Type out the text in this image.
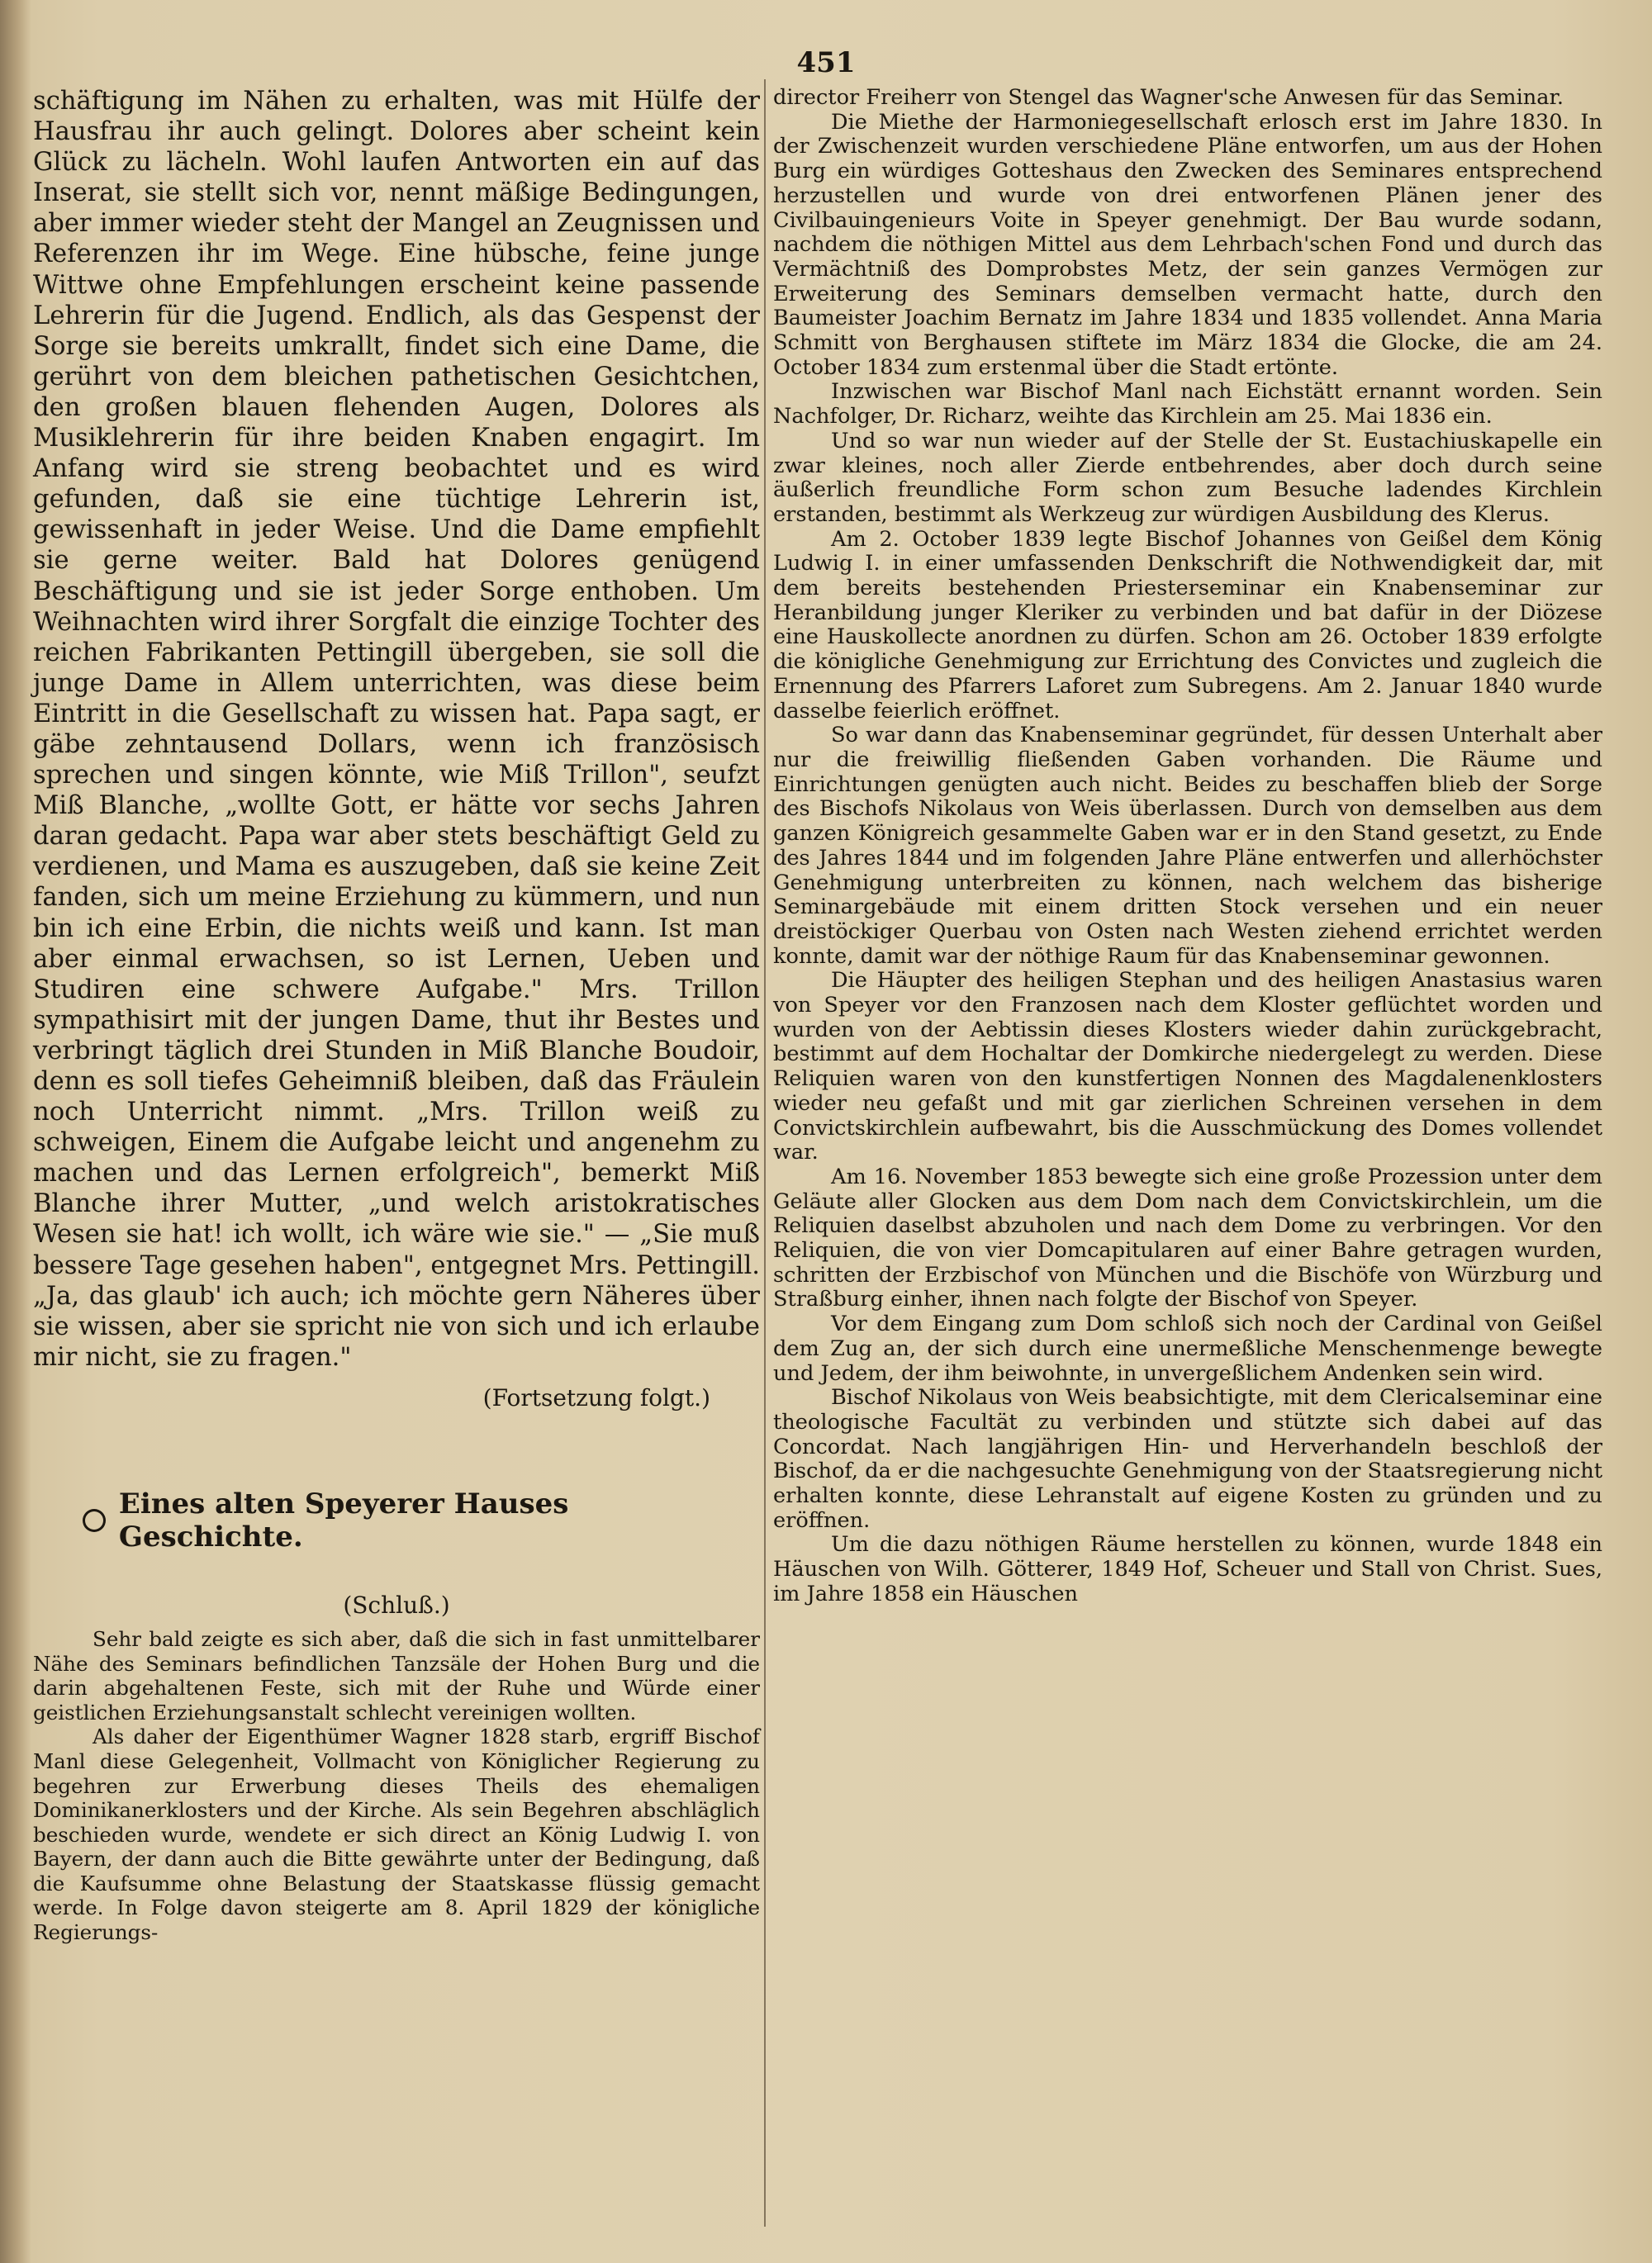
451

schäftigung im Nähen zu erhalten, was mit Hülfe der Hausfrau ihr auch gelingt. Dolores aber scheint kein Glück zu lächeln. Wohl laufen Antworten ein auf das Inserat, sie stellt sich vor, nennt mäßige Bedingungen, aber immer wieder steht der Mangel an Zeugnissen und Referenzen ihr im Wege. Eine hübsche, feine junge Wittwe ohne Empfehlungen erscheint keine passende Lehrerin für die Jugend. Endlich, als das Gespenst der Sorge sie bereits umkrallt, findet sich eine Dame, die gerührt von dem bleichen pathetischen Gesichtchen, den großen blauen flehenden Augen, Dolores als Musiklehrerin für ihre beiden Knaben engagirt. Im Anfang wird sie streng beobachtet und es wird gefunden, daß sie eine tüchtige Lehrerin ist, gewissenhaft in jeder Weise. Und die Dame empfiehlt sie gerne weiter. Bald hat Dolores genügend Beschäftigung und sie ist jeder Sorge enthoben. Um Weihnachten wird ihrer Sorgfalt die einzige Tochter des reichen Fabrikanten Pettingill übergeben, sie soll die junge Dame in Allem unterrichten, was diese beim Eintritt in die Gesellschaft zu wissen hat. Papa sagt, er gäbe zehntausend Dollars, wenn ich französisch sprechen und singen könnte, wie Miß Trillon", seufzt Miß Blanche, „wollte Gott, er hätte vor sechs Jahren daran gedacht. Papa war aber stets beschäftigt Geld zu verdienen, und Mama es auszugeben, daß sie keine Zeit fanden, sich um meine Erziehung zu kümmern, und nun bin ich eine Erbin, die nichts weiß und kann. Ist man aber einmal erwachsen, so ist Lernen, Ueben und Studiren eine schwere Aufgabe." Mrs. Trillon sympathisirt mit der jungen Dame, thut ihr Bestes und verbringt täglich drei Stunden in Miß Blanche Boudoir, denn es soll tiefes Geheimniß bleiben, daß das Fräulein noch Unterricht nimmt. „Mrs. Trillon weiß zu schweigen, Einem die Aufgabe leicht und angenehm zu machen und das Lernen erfolgreich", bemerkt Miß Blanche ihrer Mutter, „und welch aristokratisches Wesen sie hat! ich wollt, ich wäre wie sie." — „Sie muß bessere Tage gesehen haben", entgegnet Mrs. Pettingill. „Ja, das glaub' ich auch; ich möchte gern Näheres über sie wissen, aber sie spricht nie von sich und ich erlaube mir nicht, sie zu fragen."

(Fortsetzung folgt.)
Eines alten Speyerer Hauses Geschichte.
(Schluß.)

Sehr bald zeigte es sich aber, daß die sich in fast unmittelbarer Nähe des Seminars befindlichen Tanzsäle der Hohen Burg und die darin abgehaltenen Feste, sich mit der Ruhe und Würde einer geistlichen Erziehungsanstalt schlecht vereinigen wollten.

Als daher der Eigenthümer Wagner 1828 starb, ergriff Bischof Manl diese Gelegenheit, Vollmacht von Königlicher Regierung zu begehren zur Erwerbung dieses Theils des ehemaligen Dominikanerklosters und der Kirche. Als sein Begehren abschläglich beschieden wurde, wendete er sich direct an König Ludwig I. von Bayern, der dann auch die Bitte gewährte unter der Bedingung, daß die Kaufsumme ohne Belastung der Staatskasse flüssig gemacht werde. In Folge davon steigerte am 8. April 1829 der königliche Regierungs-

director Freiherr von Stengel das Wagner'sche Anwesen für das Seminar.

Die Miethe der Harmoniegesellschaft erlosch erst im Jahre 1830. In der Zwischenzeit wurden verschiedene Pläne entworfen, um aus der Hohen Burg ein würdiges Gotteshaus den Zwecken des Seminares entsprechend herzustellen und wurde von drei entworfenen Plänen jener des Civilbauingenieurs Voite in Speyer genehmigt. Der Bau wurde sodann, nachdem die nöthigen Mittel aus dem Lehrbach'schen Fond und durch das Vermächtniß des Domprobstes Metz, der sein ganzes Vermögen zur Erweiterung des Seminars demselben vermacht hatte, durch den Baumeister Joachim Bernatz im Jahre 1834 und 1835 vollendet. Anna Maria Schmitt von Berghausen stiftete im März 1834 die Glocke, die am 24. October 1834 zum erstenmal über die Stadt ertönte.

Inzwischen war Bischof Manl nach Eichstätt ernannt worden. Sein Nachfolger, Dr. Richarz, weihte das Kirchlein am 25. Mai 1836 ein.

Und so war nun wieder auf der Stelle der St. Eustachiuskapelle ein zwar kleines, noch aller Zierde entbehrendes, aber doch durch seine äußerlich freundliche Form schon zum Besuche ladendes Kirchlein erstanden, bestimmt als Werkzeug zur würdigen Ausbildung des Klerus.

Am 2. October 1839 legte Bischof Johannes von Geißel dem König Ludwig I. in einer umfassenden Denkschrift die Nothwendigkeit dar, mit dem bereits bestehenden Priesterseminar ein Knabenseminar zur Heranbildung junger Kleriker zu verbinden und bat dafür in der Diözese eine Hauskollecte anordnen zu dürfen. Schon am 26. October 1839 erfolgte die königliche Genehmigung zur Errichtung des Convictes und zugleich die Ernennung des Pfarrers Laforet zum Subregens. Am 2. Januar 1840 wurde dasselbe feierlich eröffnet.

So war dann das Knabenseminar gegründet, für dessen Unterhalt aber nur die freiwillig fließenden Gaben vorhanden. Die Räume und Einrichtungen genügten auch nicht. Beides zu beschaffen blieb der Sorge des Bischofs Nikolaus von Weis überlassen. Durch von demselben aus dem ganzen Königreich gesammelte Gaben war er in den Stand gesetzt, zu Ende des Jahres 1844 und im folgenden Jahre Pläne entwerfen und allerhöchster Genehmigung unterbreiten zu können, nach welchem das bisherige Seminargebäude mit einem dritten Stock versehen und ein neuer dreistöckiger Querbau von Osten nach Westen ziehend errichtet werden konnte, damit war der nöthige Raum für das Knabenseminar gewonnen.

Die Häupter des heiligen Stephan und des heiligen Anastasius waren von Speyer vor den Franzosen nach dem Kloster geflüchtet worden und wurden von der Aebtissin dieses Klosters wieder dahin zurückgebracht, bestimmt auf dem Hochaltar der Domkirche niedergelegt zu werden. Diese Reliquien waren von den kunstfertigen Nonnen des Magdalenenklosters wieder neu gefaßt und mit gar zierlichen Schreinen versehen in dem Convictskirchlein aufbewahrt, bis die Ausschmückung des Domes vollendet war.

Am 16. November 1853 bewegte sich eine große Prozession unter dem Geläute aller Glocken aus dem Dom nach dem Convictskirchlein, um die Reliquien daselbst abzuholen und nach dem Dome zu verbringen. Vor den Reliquien, die von vier Domcapitularen auf einer Bahre getragen wurden, schritten der Erzbischof von München und die Bischöfe von Würzburg und Straßburg einher, ihnen nach folgte der Bischof von Speyer.

Vor dem Eingang zum Dom schloß sich noch der Cardinal von Geißel dem Zug an, der sich durch eine unermeßliche Menschenmenge bewegte und Jedem, der ihm beiwohnte, in unvergeßlichem Andenken sein wird.

Bischof Nikolaus von Weis beabsichtigte, mit dem Clericalseminar eine theologische Facultät zu verbinden und stützte sich dabei auf das Concordat. Nach langjährigen Hin- und Herverhandeln beschloß der Bischof, da er die nachgesuchte Genehmigung von der Staatsregierung nicht erhalten konnte, diese Lehranstalt auf eigene Kosten zu gründen und zu eröffnen.

Um die dazu nöthigen Räume herstellen zu können, wurde 1848 ein Häuschen von Wilh. Götterer, 1849 Hof, Scheuer und Stall von Christ. Sues, im Jahre 1858 ein Häuschen
